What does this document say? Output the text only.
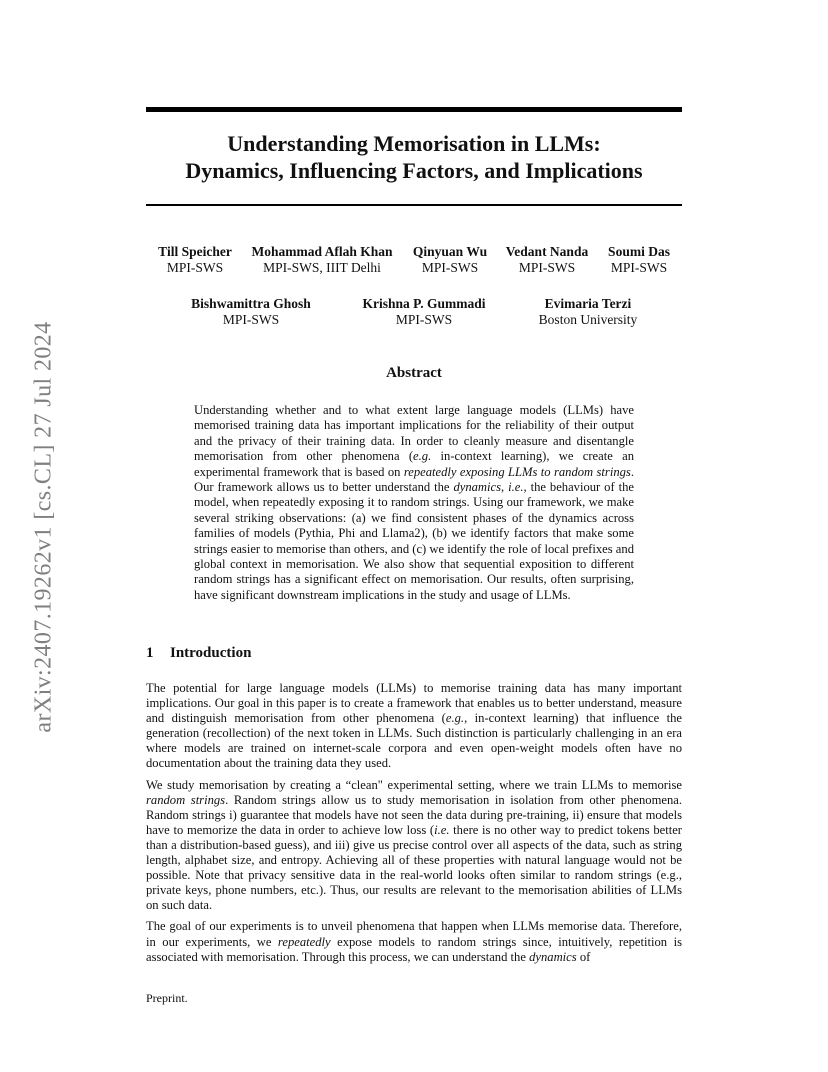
arXiv:2407.19262v1 [cs.CL] 27 Jul 2024
Understanding Memorisation in LLMs:
Dynamics, Influencing Factors, and Implications
Till Speicher
MPI-SWS
Mohammad Aflah Khan
MPI-SWS, IIIT Delhi
Qinyuan Wu
MPI-SWS
Vedant Nanda
MPI-SWS
Soumi Das
MPI-SWS
Bishwamittra Ghosh
MPI-SWS
Krishna P. Gummadi
MPI-SWS
Evimaria Terzi
Boston University
Abstract
Understanding whether and to what extent large language models (LLMs) have memorised training data has important implications for the reliability of their output and the privacy of their training data. In order to cleanly measure and disentangle memorisation from other phenomena (e.g. in-context learning), we create an experimental framework that is based on repeatedly exposing LLMs to random strings. Our framework allows us to better understand the dynamics, i.e., the behaviour of the model, when repeatedly exposing it to random strings. Using our framework, we make several striking observations: (a) we find consistent phases of the dynamics across families of models (Pythia, Phi and Llama2), (b) we identify factors that make some strings easier to memorise than others, and (c) we identify the role of local prefixes and global context in memorisation. We also show that sequential exposition to different random strings has a significant effect on memorisation. Our results, often surprising, have significant downstream implications in the study and usage of LLMs.
1 Introduction

The potential for large language models (LLMs) to memorise training data has many important implications. Our goal in this paper is to create a framework that enables us to better understand, measure and distinguish memorisation from other phenomena (e.g., in-context learning) that influence the generation (recollection) of the next token in LLMs. Such distinction is particularly challenging in an era where models are trained on internet-scale corpora and even open-weight models often have no documentation about the training data they used.

We study memorisation by creating a “clean" experimental setting, where we train LLMs to memorise random strings. Random strings allow us to study memorisation in isolation from other phenomena. Random strings i) guarantee that models have not seen the data during pre-training, ii) ensure that models have to memorize the data in order to achieve low loss (i.e. there is no other way to predict tokens better than a distribution-based guess), and iii) give us precise control over all aspects of the data, such as string length, alphabet size, and entropy. Achieving all of these properties with natural language would not be possible. Note that privacy sensitive data in the real-world looks often similar to random strings (e.g., private keys, phone numbers, etc.). Thus, our results are relevant to the memorisation abilities of LLMs on such data.

The goal of our experiments is to unveil phenomena that happen when LLMs memorise data. Therefore, in our experiments, we repeatedly expose models to random strings since, intuitively, repetition is associated with memorisation. Through this process, we can understand the dynamics of

Preprint.
